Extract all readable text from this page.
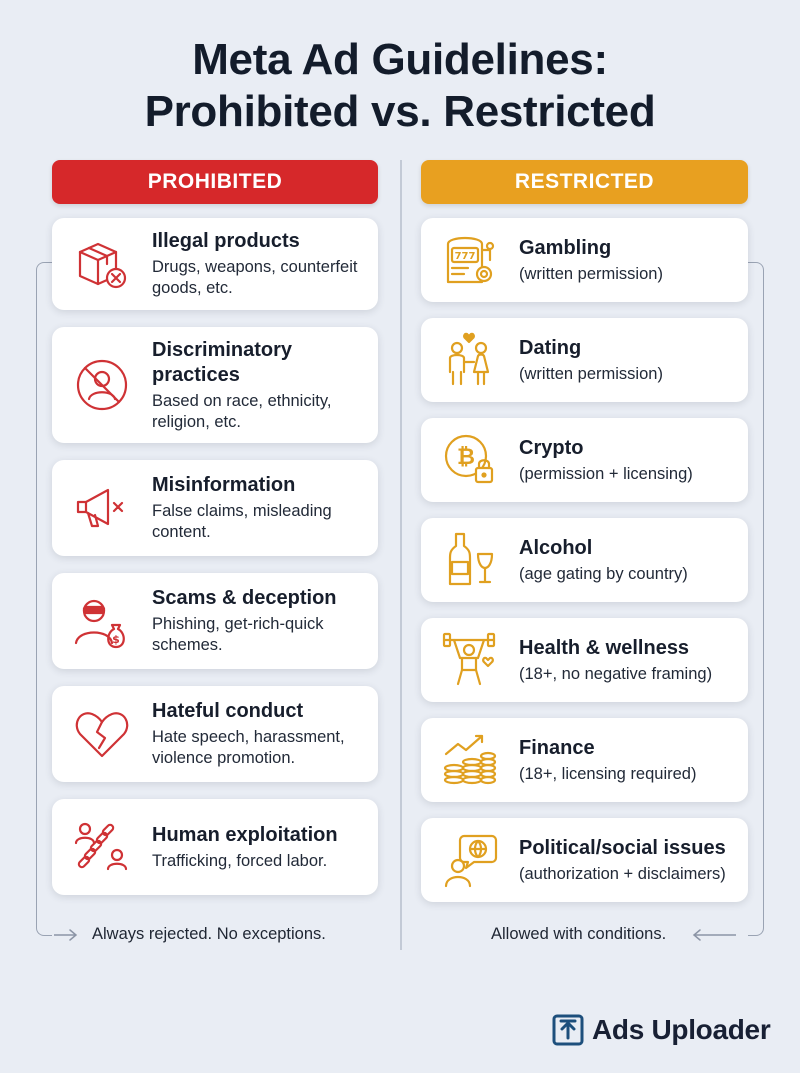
Meta Ad Guidelines:
Prohibited vs. Restricted
PROHIBITED	RESTRICTED
Illegal products
Drugs, weapons, counterfeit goods, etc.
Discriminatory practices
Based on race, ethnicity, religion, etc.
Misinformation
False claims, misleading content.
$
Scams & deception
Phishing, get-rich-quick schemes.
Hateful conduct
Hate speech, harassment, violence promotion.
Human exploitation
Trafficking, forced labor.
777 Gambling
(written permission)
Dating
(written permission)
₿ Crypto
(permission + licensing)
Alcohol
(age gating by country)
Health & wellness
(18+, no negative framing)
Finance
(18+, licensing required)
Political/social issues
(authorization + disclaimers)
Always rejected. No exceptions.	Allowed with conditions.
Ads Uploader
